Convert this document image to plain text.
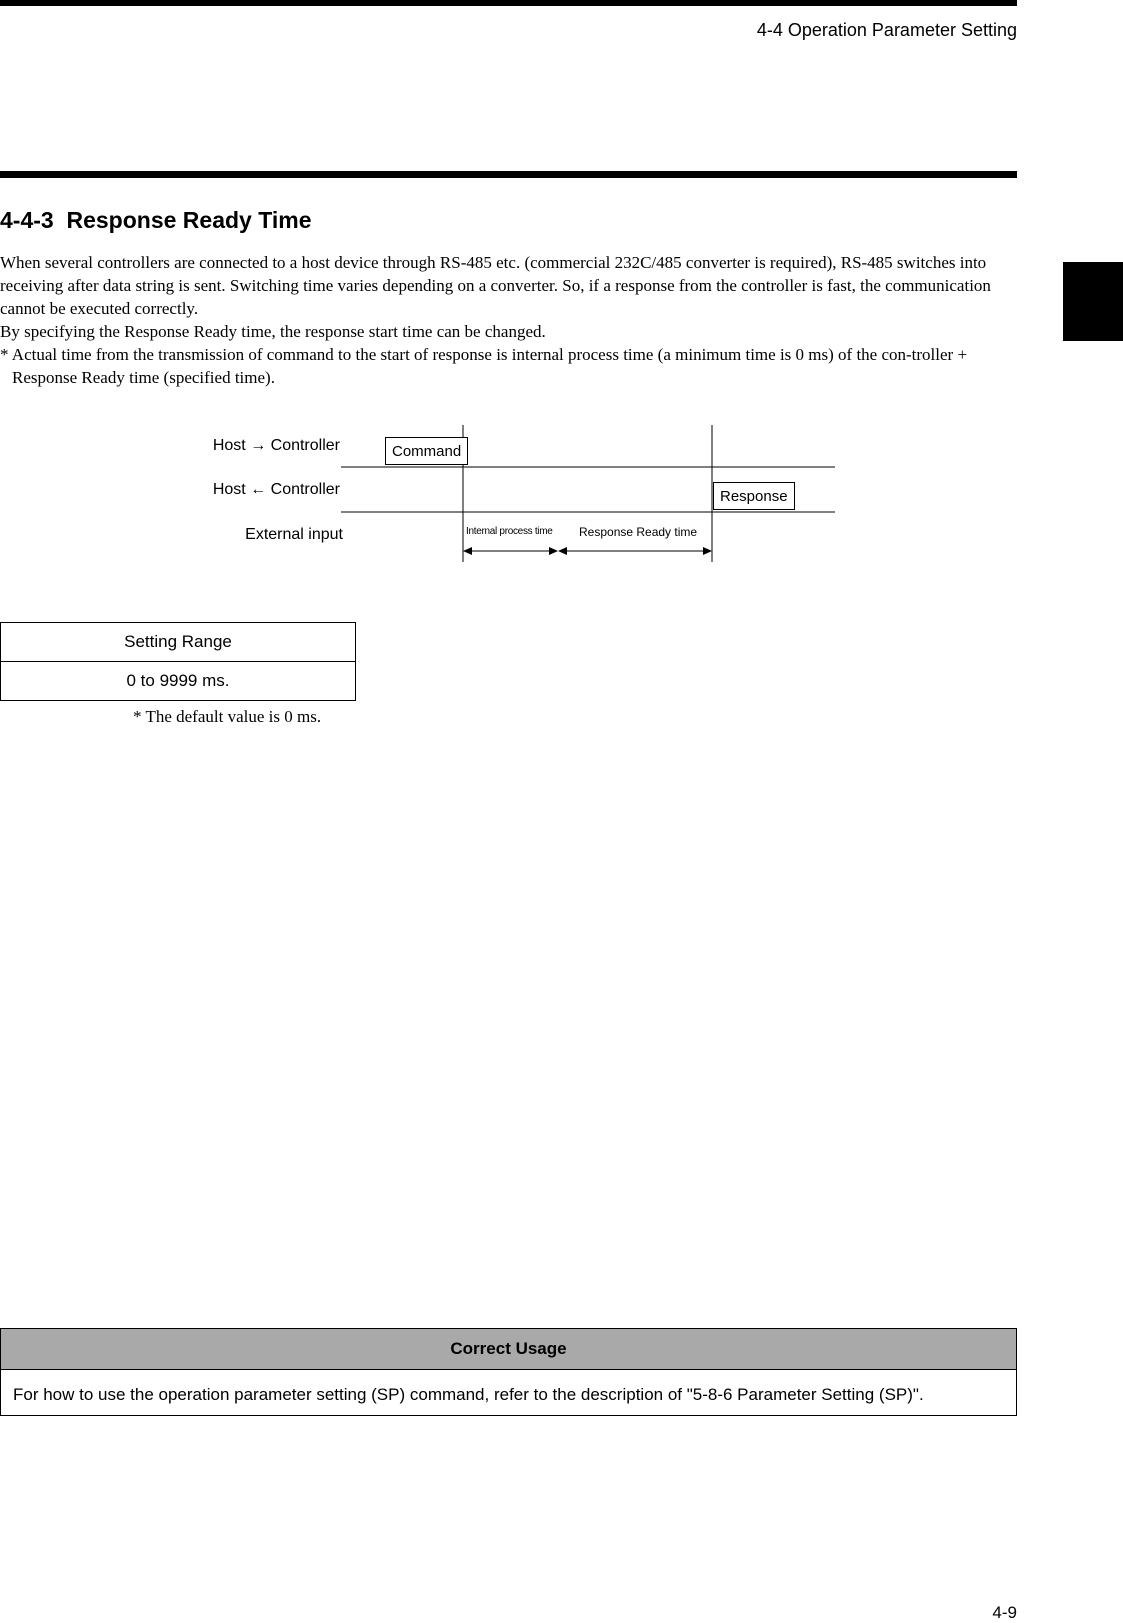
4-4 Operation Parameter Setting
4-4-3 Response Ready Time

When several controllers are connected to a host device through RS-485 etc. (commercial 232C/485 converter is required), RS-485 switches into receiving after data string is sent. Switching time varies depending on a converter. So, if a response from the controller is fast, the communication cannot be executed correctly.

By specifying the Response Ready time, the response start time can be changed.

* Actual time from the transmission of command to the start of response is internal process time (a minimum time is 0 ms) of the con-troller + Response Ready time (specified time).

Host → Controller
Host ← Controller
External input
Command
Response
Internal process time Response Ready time
Setting Range
0 to 9999 ms.
* The default value is 0 ms.
Correct Usage
For how to use the operation parameter setting (SP) command, refer to the description of "5-8-6 Parameter Setting (SP)".
4-9
